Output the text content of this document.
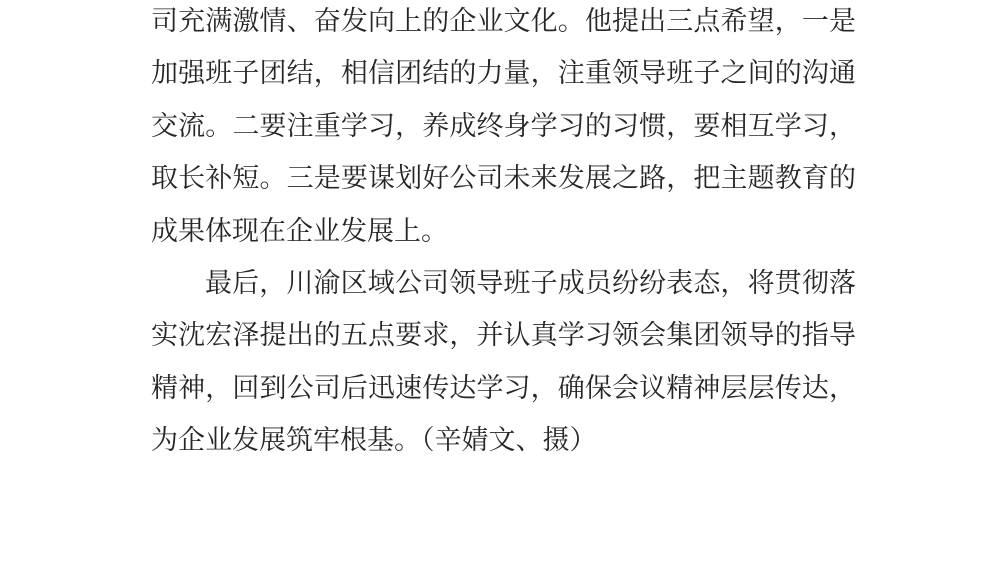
司充满激情、奋发向上的企业文化。他提出三点希望，一是
加强班子团结，相信团结的力量，注重领导班子之间的沟通
交流。二要注重学习，养成终身学习的习惯，要相互学习，
取长补短。三是要谋划好公司未来发展之路，把主题教育的
成果体现在企业发展上。
最后，川渝区域公司领导班子成员纷纷表态，将贯彻落
实沈宏泽提出的五点要求，并认真学习领会集团领导的指导
精神，回到公司后迅速传达学习，确保会议精神层层传达，
为企业发展筑牢根基。（辛婧文、摄）
